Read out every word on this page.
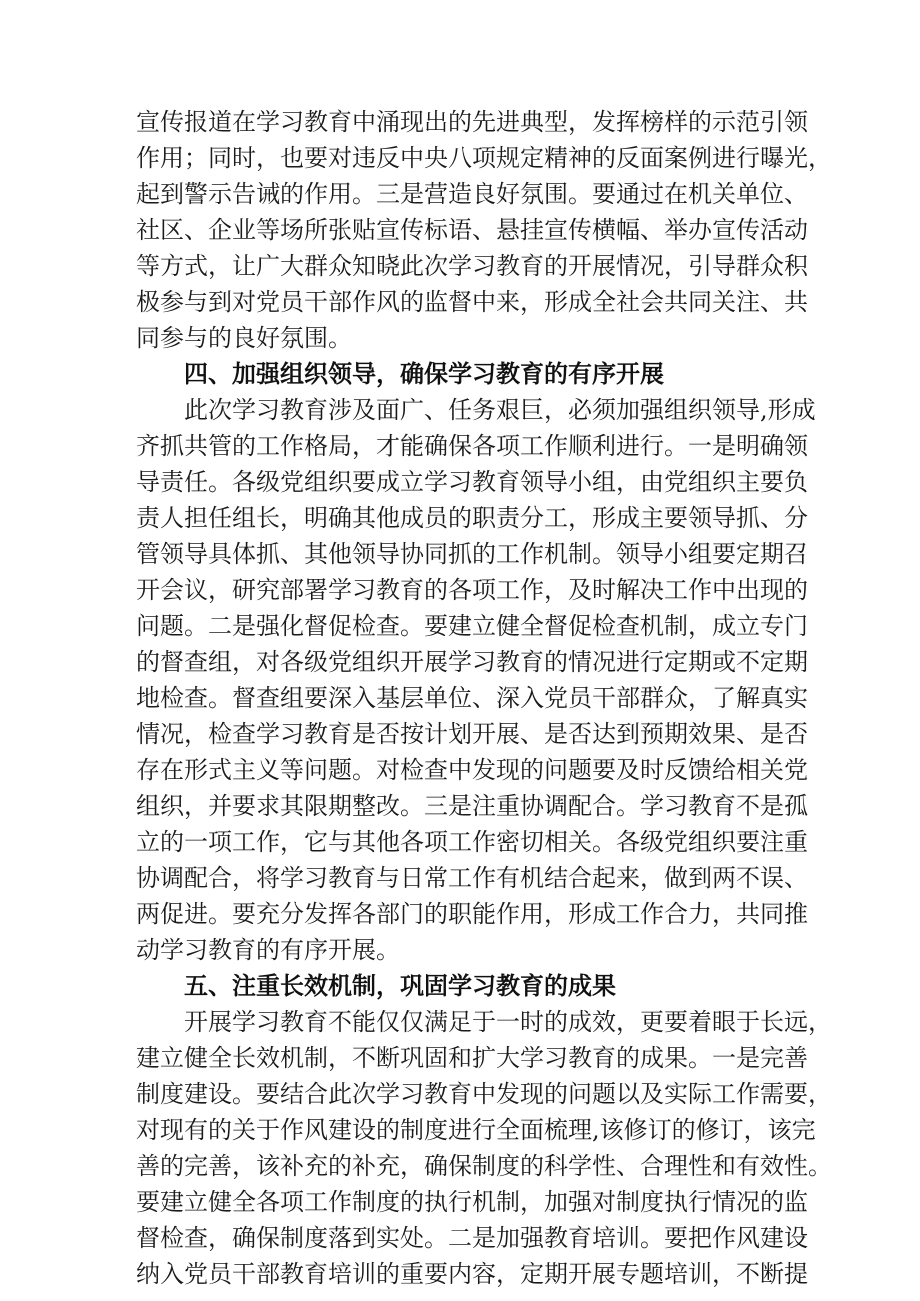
宣传报道在学习教育中涌现出的先进典型，发挥榜样的示范引领
作用；同时，也要对违反中央八项规定精神的反面案例进行曝光，
起到警示告诫的作用。三是营造良好氛围。要通过在机关单位、
社区、企业等场所张贴宣传标语、悬挂宣传横幅、举办宣传活动
等方式，让广大群众知晓此次学习教育的开展情况，引导群众积
极参与到对党员干部作风的监督中来，形成全社会共同关注、共
同参与的良好氛围。
四、加强组织领导，确保学习教育的有序开展
此次学习教育涉及面广、任务艰巨，必须加强组织领导,形成
齐抓共管的工作格局，才能确保各项工作顺利进行。一是明确领
导责任。各级党组织要成立学习教育领导小组，由党组织主要负
责人担任组长，明确其他成员的职责分工，形成主要领导抓、分
管领导具体抓、其他领导协同抓的工作机制。领导小组要定期召
开会议，研究部署学习教育的各项工作，及时解决工作中出现的
问题。二是强化督促检查。要建立健全督促检查机制，成立专门
的督查组，对各级党组织开展学习教育的情况进行定期或不定期
地检查。督查组要深入基层单位、深入党员干部群众，了解真实
情况，检查学习教育是否按计划开展、是否达到预期效果、是否
存在形式主义等问题。对检查中发现的问题要及时反馈给相关党
组织，并要求其限期整改。三是注重协调配合。学习教育不是孤
立的一项工作，它与其他各项工作密切相关。各级党组织要注重
协调配合，将学习教育与日常工作有机结合起来，做到两不误、
两促进。要充分发挥各部门的职能作用，形成工作合力，共同推
动学习教育的有序开展。
五、注重长效机制，巩固学习教育的成果
开展学习教育不能仅仅满足于一时的成效，更要着眼于长远，
建立健全长效机制，不断巩固和扩大学习教育的成果。一是完善
制度建设。要结合此次学习教育中发现的问题以及实际工作需要，
对现有的关于作风建设的制度进行全面梳理,该修订的修订，该完
善的完善，该补充的补充，确保制度的科学性、合理性和有效性。
要建立健全各项工作制度的执行机制，加强对制度执行情况的监
督检查，确保制度落到实处。二是加强教育培训。要把作风建设
纳入党员干部教育培训的重要内容，定期开展专题培训，不断提
